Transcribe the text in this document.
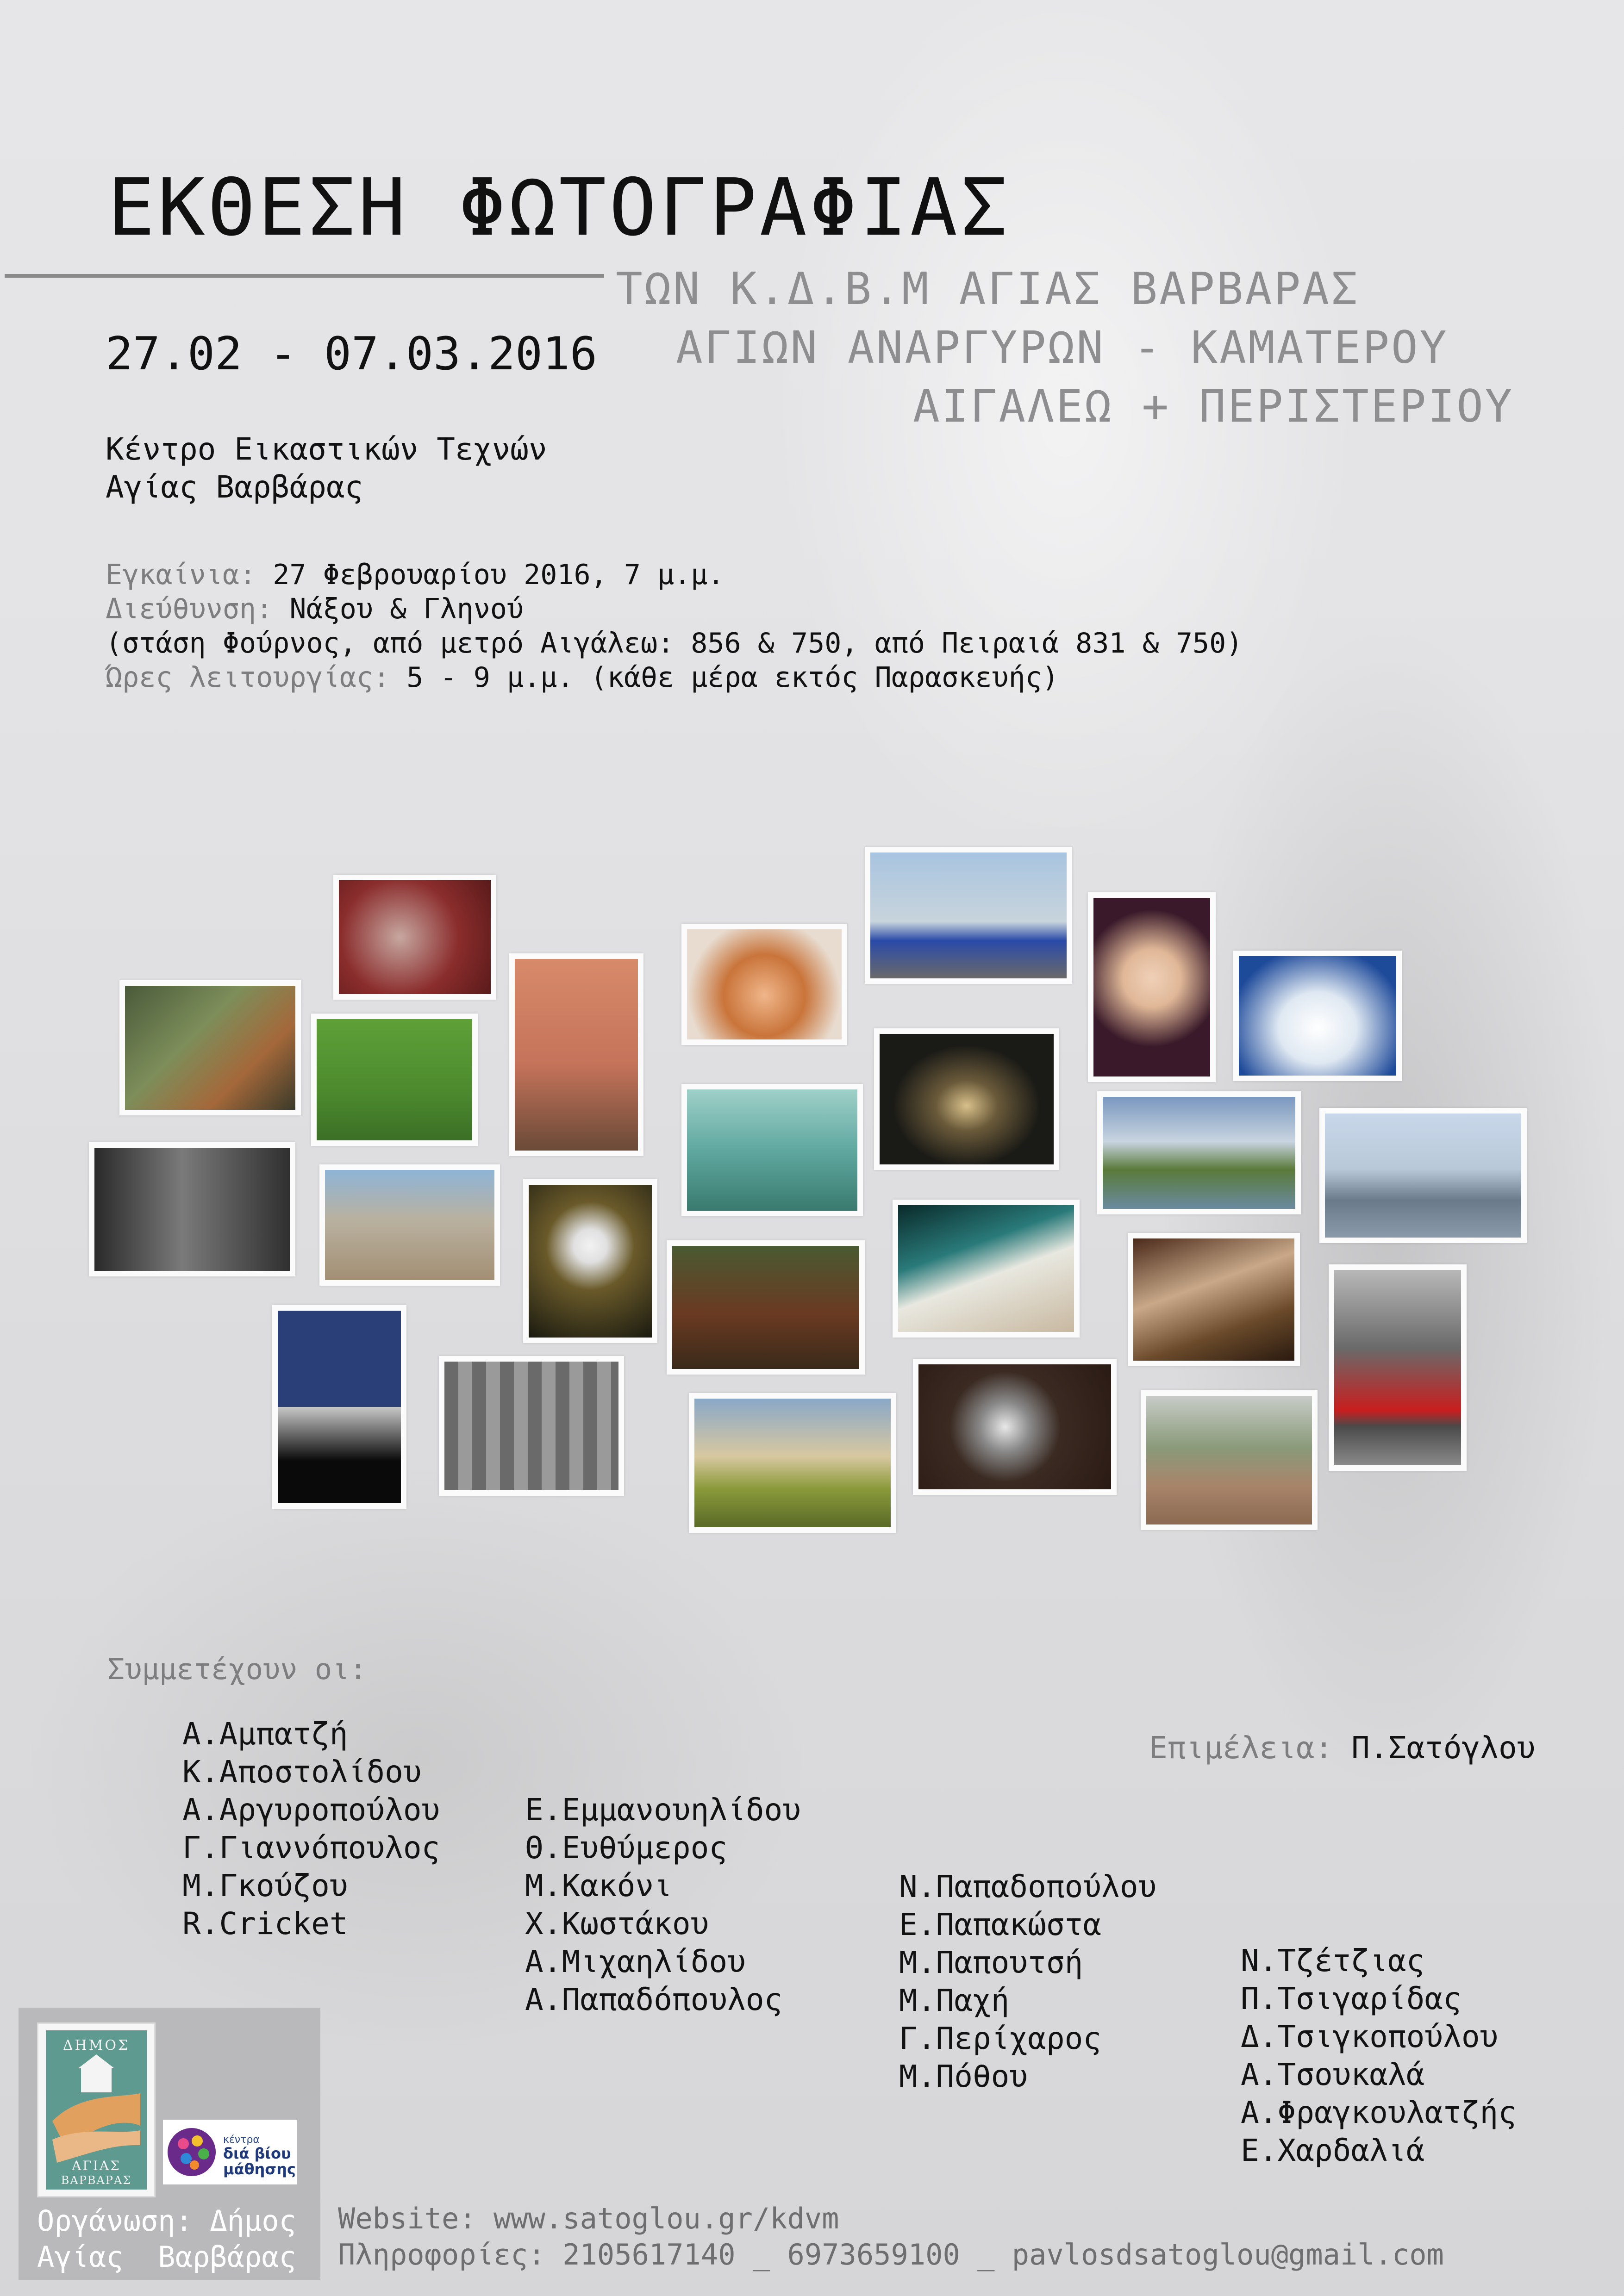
ΕΚΘΕΣΗ ΦΩΤΟΓΡΑΦΙΑΣ
ΤΩΝ Κ.Δ.Β.Μ ΑΓΙΑΣ ΒΑΡΒΑΡΑΣ
ΑΓΙΩΝ ΑΝΑΡΓΥΡΩΝ - ΚΑΜΑΤΕΡΟΥ
ΑΙΓΑΛΕΩ + ΠΕΡΙΣΤΕΡΙΟΥ
27.02 - 07.03.2016
Κέντρο Εικαστικών Τεχνών
Αγίας Βαρβάρας
Εγκαίνια: 27 Φεβρουαρίου 2016, 7 μ.μ.
Διεύθυνση: Νάξου & Γληνού
(στάση Φούρνος, από μετρό Αιγάλεω: 856 & 750, από Πειραιά 831 & 750)
Ώρες λειτουργίας: 5 - 9 μ.μ. (κάθε μέρα εκτός Παρασκευής)
Συμμετέχουν οι:
Α.Αμπατζή
Κ.Αποστολίδου
Α.Αργυροπούλου
Γ.Γιαννόπουλος
Μ.Γκούζου
R.Cricket
Ε.Εμμανουηλίδου
Θ.Ευθύμερος
Μ.Κακόνι
Χ.Κωστάκου
Α.Μιχαηλίδου
Α.Παπαδόπουλος
Ν.Παπαδοπούλου
Ε.Παπακώστα
Μ.Παπουτσή
Μ.Παχή
Γ.Περίχαρος
Μ.Πόθου
Ν.Τζέτζιας
Π.Τσιγαρίδας
Δ.Τσιγκοπούλου
Α.Τσουκαλά
Α.Φραγκουλατζής
Ε.Χαρδαλιά
Επιμέλεια: Π.Σατόγλου
ΔΗΜΟΣ
ΑΓΙΑΣ
ΒΑΡΒΑΡΑΣ
κέντρα
διά βίου
μάθησης
Οργάνωση: Δήμος
Αγίας  Βαρβάρας
Website: www.satoglou.gr/kdvm
Πληροφορίες: 2105617140 _ 6973659100 _ pavlosdsatoglou@gmail.com
